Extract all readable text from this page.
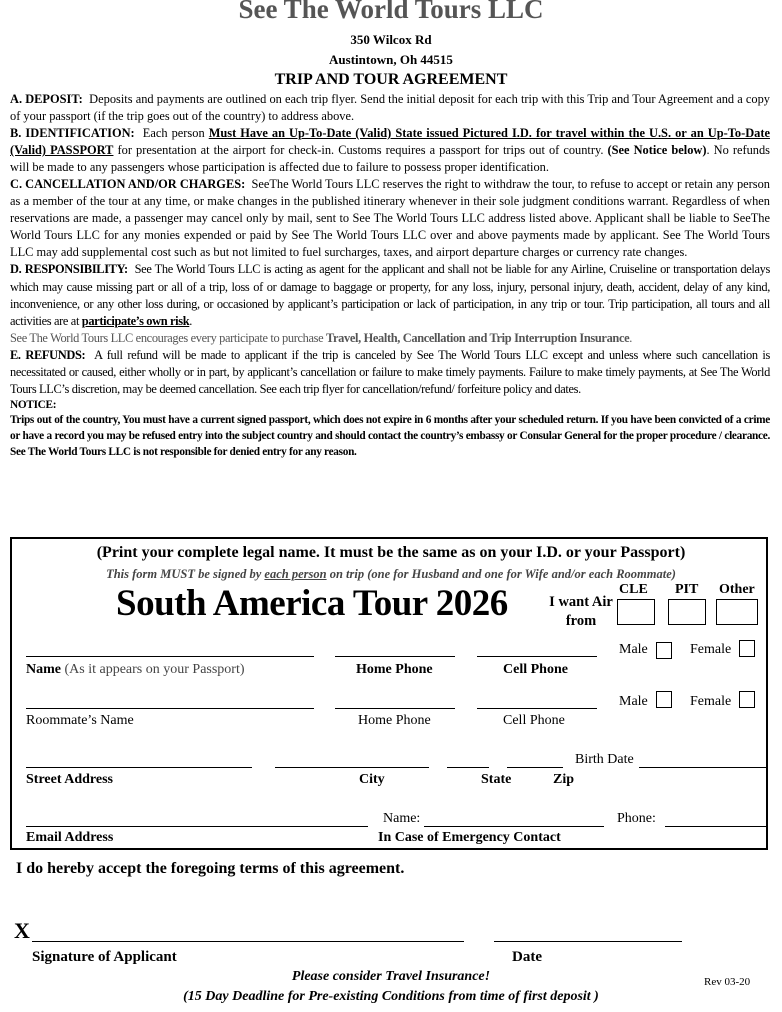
See The World Tours LLC
350 Wilcox Rd
Austintown, Oh 44515
TRIP AND TOUR AGREEMENT

A. DEPOSIT: Deposits and payments are outlined on each trip flyer. Send the initial deposit for each trip with this Trip and Tour Agreement and a copy of your passport (if the trip goes out of the country) to address above.

B. IDENTIFICATION: Each person Must Have an Up-To-Date (Valid) State issued Pictured I.D. for travel within the U.S. or an Up-To-Date (Valid) PASSPORT for presentation at the airport for check-in. Customs requires a passport for trips out of country. (See Notice below). No refunds will be made to any passengers whose participation is affected due to failure to possess proper identification.

C. CANCELLATION AND/OR CHARGES: SeeThe World Tours LLC reserves the right to withdraw the tour, to refuse to accept or retain any person as a member of the tour at any time, or make changes in the published itinerary whenever in their sole judgment conditions warrant. Regardless of when reservations are made, a passenger may cancel only by mail, sent to See The World Tours LLC address listed above. Applicant shall be liable to SeeThe World Tours LLC for any monies expended or paid by See The World Tours LLC over and above payments made by applicant. See The World Tours LLC may add supplemental cost such as but not limited to fuel surcharges, taxes, and airport departure charges or currency rate changes.

D. RESPONSIBILITY: See The World Tours LLC is acting as agent for the applicant and shall not be liable for any Airline, Cruiseline or transportation delays which may cause missing part or all of a trip, loss of or damage to baggage or property, for any loss, injury, personal injury, death, accident, delay of any kind, inconvenience, or any other loss during, or occasioned by applicant’s participation or lack of participation, in any trip or tour. Trip participation, all tours and all activities are at participate’s own risk.

See The World Tours LLC encourages every participate to purchase Travel, Health, Cancellation and Trip Interruption Insurance.

E. REFUNDS: A full refund will be made to applicant if the trip is canceled by See The World Tours LLC except and unless where such cancellation is necessitated or caused, either wholly or in part, by applicant’s cancellation or failure to make timely payments. Failure to make timely payments, at See The World Tours LLC’s discretion, may be deemed cancellation. See each trip flyer for cancellation/refund/ forfeiture policy and dates.

NOTICE:

Trips out of the country, You must have a current signed passport, which does not expire in 6 months after your scheduled return. If you have been convicted of a crime or have a record you may be refused entry into the subject country and should contact the country’s embassy or Consular General for the proper procedure / clearance. See The World Tours LLC is not responsible for denied entry for any reason.

(Print your complete legal name. It must be the same as on your I.D. or your Passport)
This form MUST be signed by each person on trip (one for Husband and one for Wife and/or each Roommate)
South America Tour 2026	I want Air from
CLE PIT Other
Male	Female
Name (As it appears on your Passport)	Home Phone	Cell Phone
Male	Female
Roommate’s Name	Home Phone	Cell Phone
Birth Date
Street Address	City	State	Zip
Name:	Phone:
Email Address	In Case of Emergency Contact
I do hereby accept the foregoing terms of this agreement.
X
Signature of Applicant	Date
Please consider Travel Insurance!
(15 Day Deadline for Pre-existing Conditions from time of first deposit )
Rev 03-20
